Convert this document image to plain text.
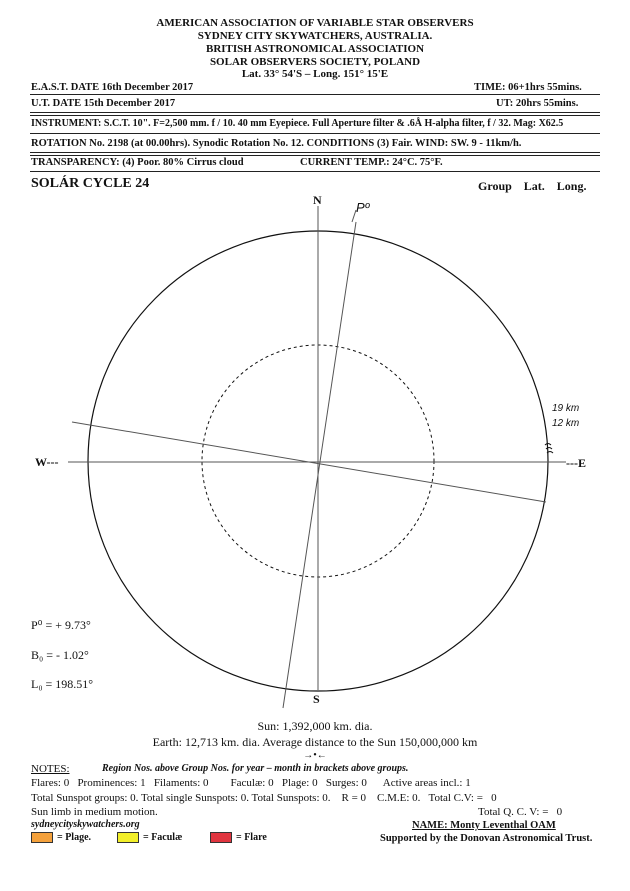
AMERICAN ASSOCIATION OF VARIABLE STAR OBSERVERS
SYDNEY CITY SKYWATCHERS, AUSTRALIA.
BRITISH ASTRONOMICAL ASSOCIATION
SOLAR OBSERVERS SOCIETY, POLAND
Lat. 33° 54'S – Long. 151° 15'E
E.A.S.T. DATE 16th December 2017	TIME: 06+1hrs 55mins.
U.T. DATE 15th December 2017	UT: 20hrs 55mins.
INSTRUMENT: S.C.T. 10". F=2,500 mm. f / 10. 40 mm Eyepiece. Full Aperture filter & .6Å H-alpha filter, f / 32. Mag: X62.5
ROTATION No. 2198 (at 00.00hrs). Synodic Rotation No. 12. CONDITIONS (3) Fair. WIND: SW. 9 - 11km/h.
TRANSPARENCY: (4) Poor. 80% Cirrus cloud	CURRENT TEMP.: 24°C. 75°F.
SOLÁR CYCLE 24	Group    Lat.    Long.
N
S
W---	---E
Pº
19 km
12 km
P⁰ = + 9.73°
B₀ = - 1.02°
L₀ = 198.51°
Sun: 1,392,000 km. dia.
Earth: 12,713 km. dia. Average distance to the Sun 150,000,000 km
→•←
NOTES:	Region Nos. above Group Nos. for year – month in brackets above groups.
Flares: 0   Prominences: 1   Filaments: 0        Faculæ: 0   Plage: 0   Surges: 0      Active areas incl.: 1
Total Sunspot groups: 0. Total single Sunspots: 0. Total Sunspots: 0.    R = 0    C.M.E: 0.   Total C.V: =   0
Sun limb in medium motion.	Total Q. C. V: =   0
sydneycityskywatchers.org	NAME: Monty Leventhal OAM
Supported by the Donovan Astronomical Trust.
= Plage.	= Faculæ	= Flare
